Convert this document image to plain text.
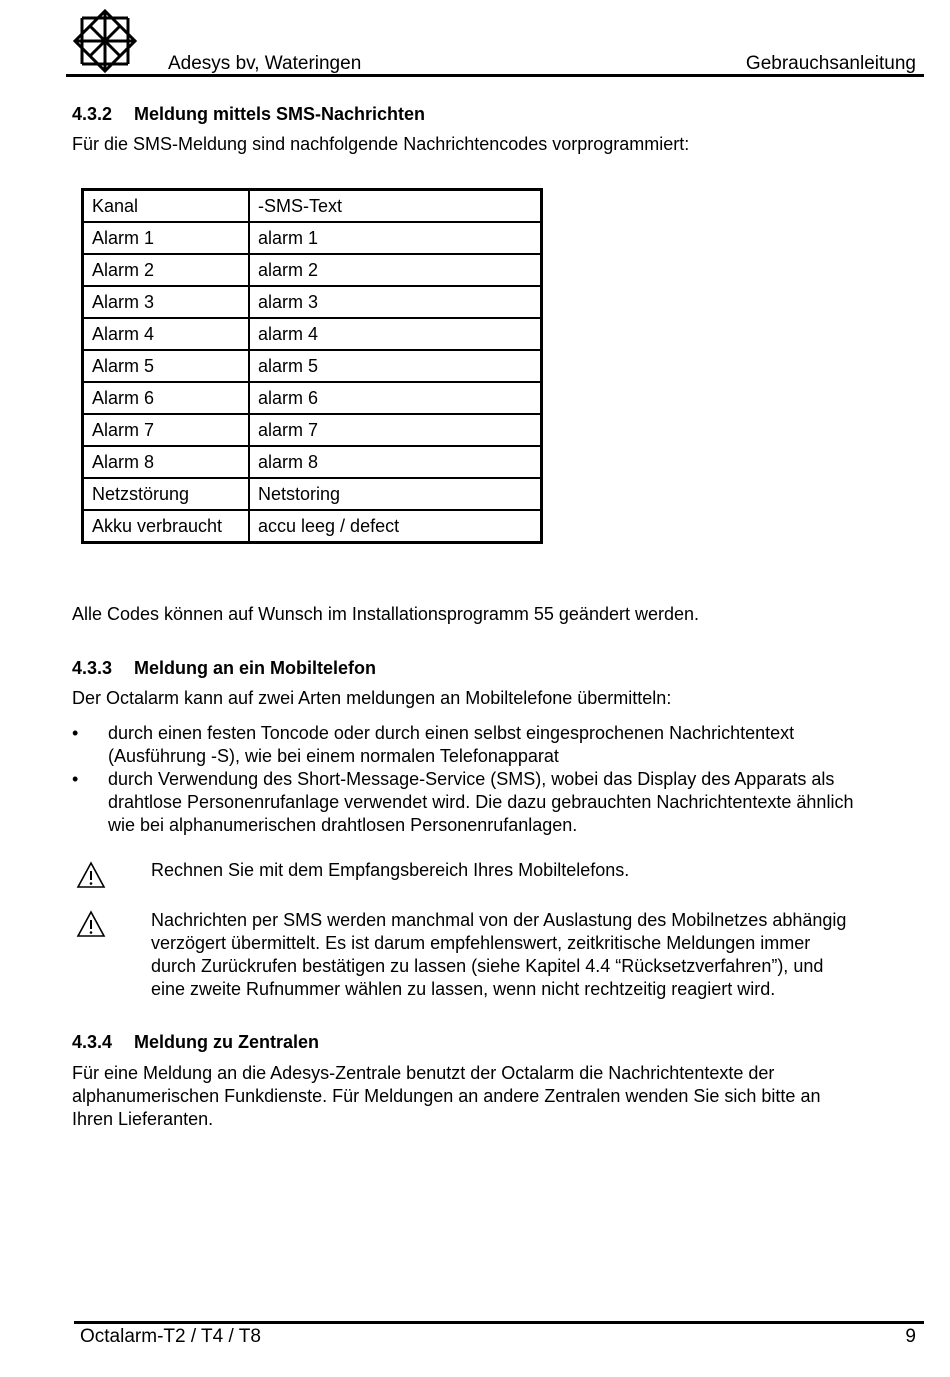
Adesys bv, Wateringen	Gebrauchsanleitung
4.3.2 Meldung mittels SMS-Nachrichten
Für die SMS-Meldung sind nachfolgende Nachrichtencodes vorprogrammiert:
Kanal	-SMS-Text
Alarm 1	alarm 1
Alarm 2	alarm 2
Alarm 3	alarm 3
Alarm 4	alarm 4
Alarm 5	alarm 5
Alarm 6	alarm 6
Alarm 7	alarm 7
Alarm 8	alarm 8
Netzstörung	Netstoring
Akku verbraucht	accu leeg / defect
Alle Codes können auf Wunsch im Installationsprogramm 55 geändert werden.
4.3.3 Meldung an ein Mobiltelefon
Der Octalarm kann auf zwei Arten meldungen an Mobiltelefone übermitteln:
• durch einen festen Toncode oder durch einen selbst eingesprochenen Nachrichtentext
(Ausführung -S), wie bei einem normalen Telefonapparat
• durch Verwendung des Short-Message-Service (SMS), wobei das Display des Apparats als
drahtlose Personenrufanlage verwendet wird. Die dazu gebrauchten Nachrichtentexte ähnlich
wie bei alphanumerischen drahtlosen Personenrufanlagen.
Rechnen Sie mit dem Empfangsbereich Ihres Mobiltelefons.
Nachrichten per SMS werden manchmal von der Auslastung des Mobilnetzes abhängig
verzögert übermittelt. Es ist darum empfehlenswert, zeitkritische Meldungen immer
durch Zurückrufen bestätigen zu lassen (siehe Kapitel 4.4 “Rücksetzverfahren”), und
eine zweite Rufnummer wählen zu lassen, wenn nicht rechtzeitig reagiert wird.
4.3.4 Meldung zu Zentralen
Für eine Meldung an die Adesys-Zentrale benutzt der Octalarm die Nachrichtentexte der
alphanumerischen Funkdienste. Für Meldungen an andere Zentralen wenden Sie sich bitte an
Ihren Lieferanten.
Octalarm-T2 / T4 / T8	9
